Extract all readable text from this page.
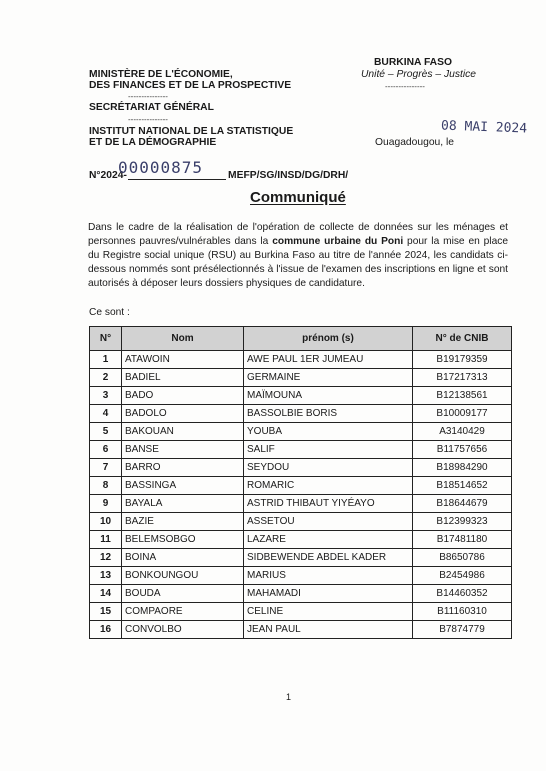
MINISTÈRE DE L'ÉCONOMIE,
DES FINANCES ET DE LA PROSPECTIVE
---------------
SECRÉTARIAT GÉNÉRAL
---------------
INSTITUT NATIONAL DE LA STATISTIQUE
ET DE LA DÉMOGRAPHIE
BURKINA FASO
Unité – Progrès – Justice
---------------
08 MAI 2024
Ouagadougou, le
N°2024-
00000875 MEFP/SG/INSD/DG/DRH/
Communiqué
Dans le cadre de la réalisation de l'opération de collecte de données sur les ménages et personnes pauvres/vulnérables dans la commune urbaine du Poni pour la mise en place du Registre social unique (RSU) au Burkina Faso au titre de l'année 2024, les candidats ci-dessous nommés sont présélectionnés à l'issue de l'examen des inscriptions en ligne et sont autorisés à déposer leurs dossiers physiques de candidature.
Ce sont :
N°	Nom	prénom (s)	N° de CNIB
1	ATAWOIN	AWE PAUL 1ER JUMEAU	B19179359
2	BADIEL	GERMAINE	B17217313
3	BADO	MAÏMOUNA	B12138561
4	BADOLO	BASSOLBIE BORIS	B10009177
5	BAKOUAN	YOUBA	A3140429
6	BANSE	SALIF	B11757656
7	BARRO	SEYDOU	B18984290
8	BASSINGA	ROMARIC	B18514652
9	BAYALA	ASTRID THIBAUT YIYÉAYO	B18644679
10	BAZIE	ASSETOU	B12399323
11	BELEMSOBGO	LAZARE	B17481180
12	BOINA	SIDBEWENDE ABDEL KADER	B8650786
13	BONKOUNGOU	MARIUS	B2454986
14	BOUDA	MAHAMADI	B14460352
15	COMPAORE	CELINE	B11160310
16	CONVOLBO	JEAN PAUL	B7874779
1
